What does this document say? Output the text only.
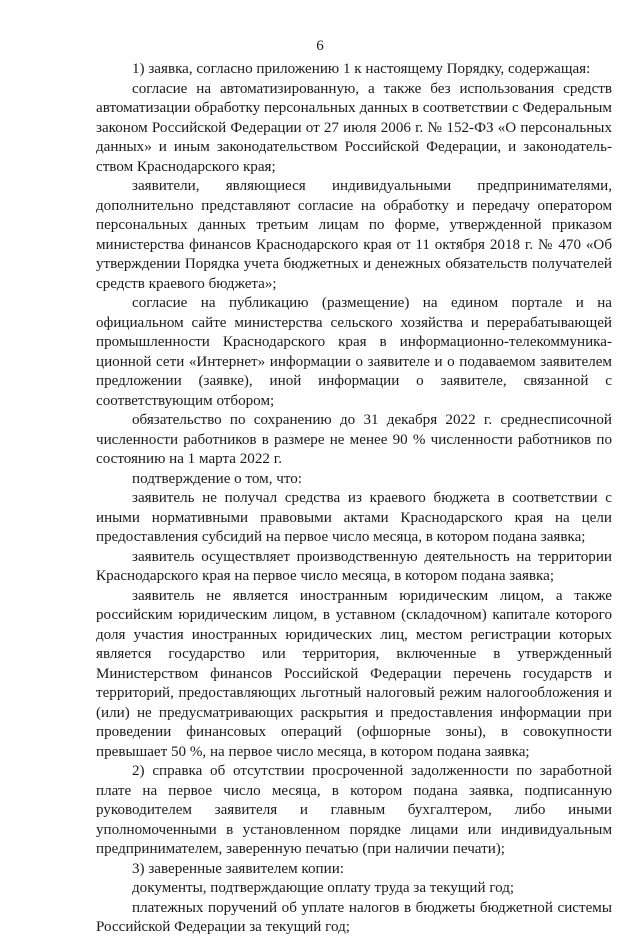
6

1) заявка, согласно приложению 1 к настоящему Порядку, содержащая:

согласие на автоматизированную, а также без использования средств автоматизации обработку персональных данных в соответствии с Федеральным законом Российской Федерации от 27 июля 2006 г. № 152-ФЗ «О персональных данных» и иным законодательством Российской Федерации, и законодательством Краснодарского края;

заявители, являющиеся индивидуальными предпринимателями, дополнительно представляют согласие на обработку и передачу оператором персональных данных третьим лицам по форме, утвержденной приказом министерства финансов Краснодарского края от 11 октября 2018 г. № 470 «Об утверждении Порядка учета бюджетных и денежных обязательств получателей средств краевого бюджета»;

согласие на публикацию (размещение) на едином портале и на официальном сайте министерства сельского хозяйства и перерабатывающей промышленности Краснодарского края в информационно-телекоммуникационной сети «Интернет» информации о заявителе и о подаваемом заявителем предложении (заявке), иной информации о заявителе, связанной с соответствующим отбором;

обязательство по сохранению до 31 декабря 2022 г. среднесписочной численности работников в размере не менее 90 % численности работников по состоянию на 1 марта 2022 г.

подтверждение о том, что:

заявитель не получал средства из краевого бюджета в соответствии с иными нормативными правовыми актами Краснодарского края на цели предоставления субсидий на первое число месяца, в котором подана заявка;

заявитель осуществляет производственную деятельность на территории Краснодарского края на первое число месяца, в котором подана заявка;

заявитель не является иностранным юридическим лицом, а также российским юридическим лицом, в уставном (складочном) капитале которого доля участия иностранных юридических лиц, местом регистрации которых является государство или территория, включенные в утвержденный Министерством финансов Российской Федерации перечень государств и территорий, предоставляющих льготный налоговый режим налогообложения и (или) не предусматривающих раскрытия и предоставления информации при проведении финансовых операций (офшорные зоны), в совокупности превышает 50 %, на первое число месяца, в котором подана заявка;

2) справка об отсутствии просроченной задолженности по заработной плате на первое число месяца, в котором подана заявка, подписанную руководителем заявителя и главным бухгалтером, либо иными уполномоченными в установленном порядке лицами или индивидуальным предпринимателем, заверенную печатью (при наличии печати);

3) заверенные заявителем копии:

документы, подтверждающие оплату труда за текущий год;

платежных поручений об уплате налогов в бюджеты бюджетной системы Российской Федерации за текущий год;
